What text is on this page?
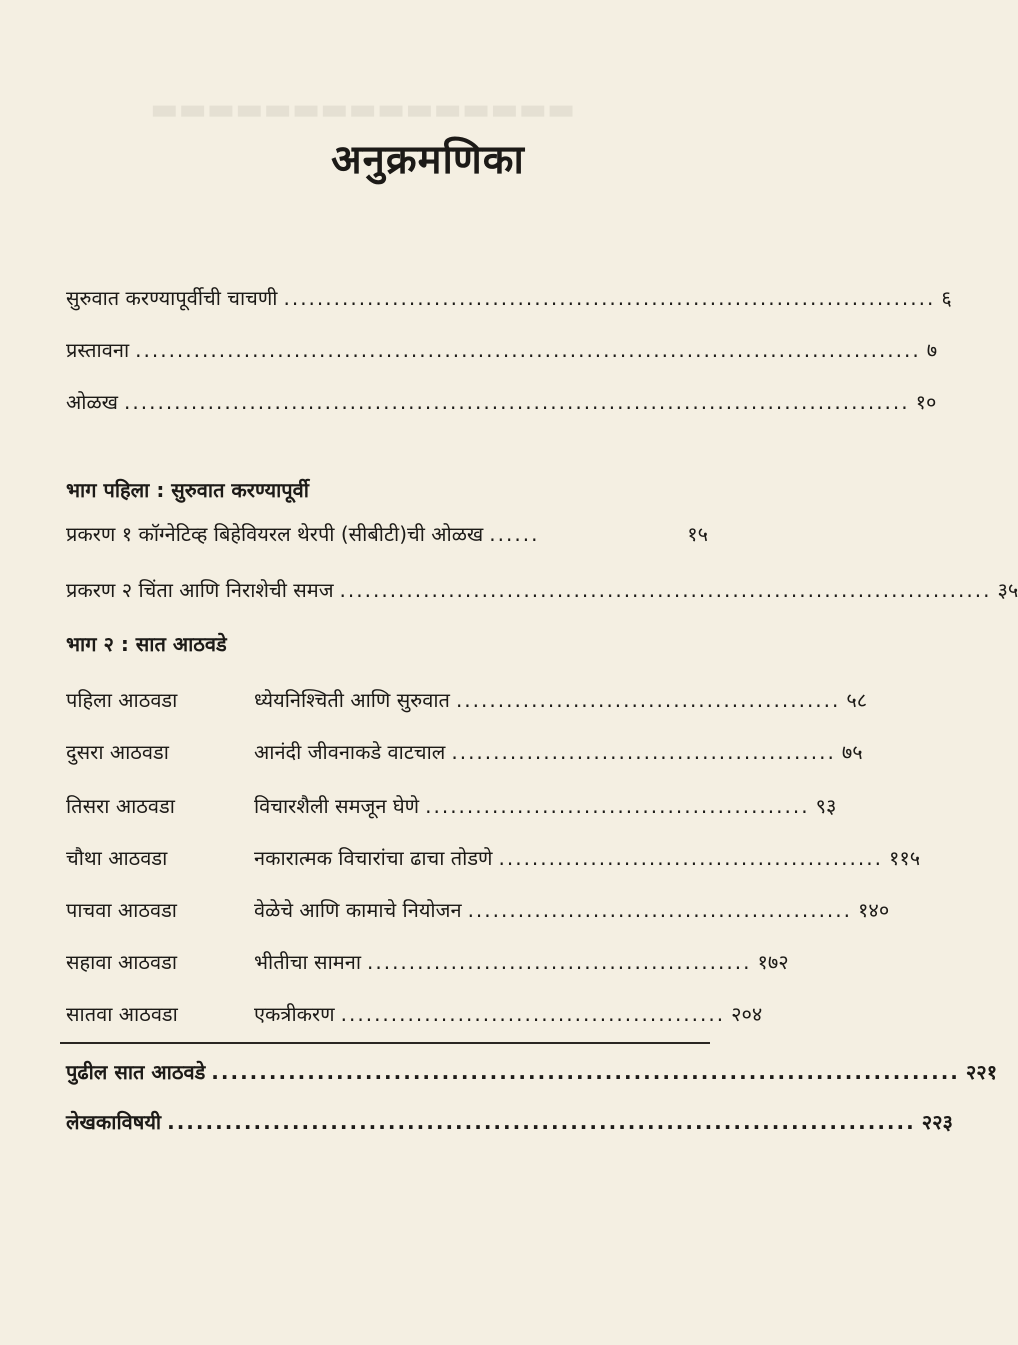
▬▬▬▬▬▬▬▬▬▬▬▬▬▬▬
अनुक्रमणिका
सुरुवात करण्यापूर्वीची चाचणी .............................................................................. ६
प्रस्तावना .............................................................................................. ७
ओळख .............................................................................................. १०
भाग पहिला : सुरुवात करण्यापूर्वी
प्रकरण १ कॉग्नेटिव्ह बिहेवियरल थेरपी (सीबीटी)ची ओळख ......	१५
प्रकरण २ चिंता आणि निराशेची समज .............................................................................. ३५
भाग २ : सात आठवडे
पहिला आठवडा	ध्येयनिश्चिती आणि सुरुवात .............................................. ५८
दुसरा आठवडा	आनंदी जीवनाकडे वाटचाल .............................................. ७५
तिसरा आठवडा	विचारशैली समजून घेणे .............................................. ९३
चौथा आठवडा	नकारात्मक विचारांचा ढाचा तोडणे .............................................. ११५
पाचवा आठवडा	वेळेचे आणि कामाचे नियोजन .............................................. १४०
सहावा आठवडा	भीतीचा सामना .............................................. १७२
सातवा आठवडा	एकत्रीकरण .............................................. २०४
पुढील सात आठवडे .............................................................................. २२१
लेखकाविषयी .............................................................................. २२३
